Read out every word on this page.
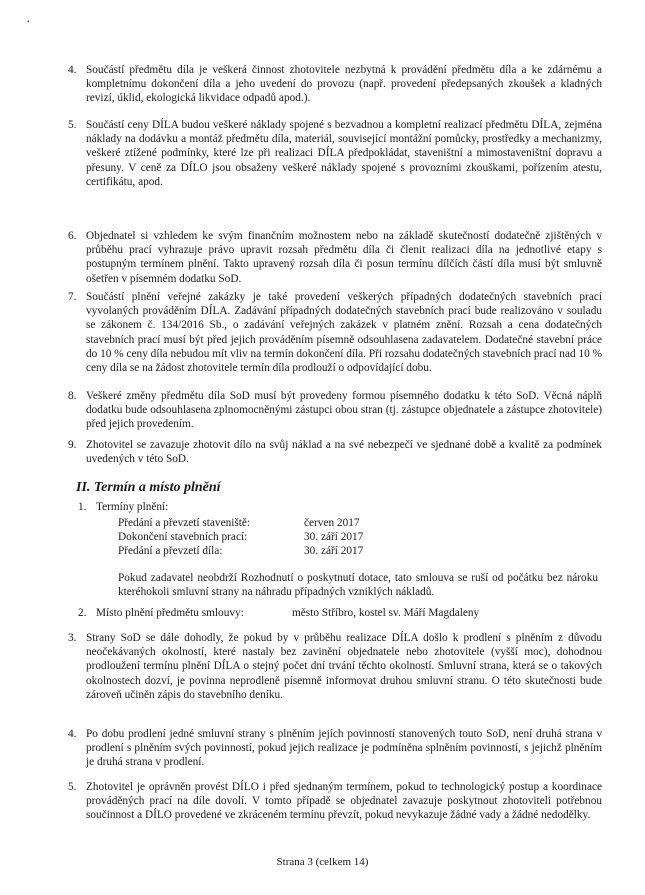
•
4. Součástí předmětu díla je veškerá činnost zhotovitele nezbytná k provádění předmětu díla a ke zdárnému a kompletnímu dokončení díla a jeho uvedení do provozu (např. provedení předepsaných zkoušek a kladných revizí, úklid, ekologická likvidace odpadů apod.).
5. Součástí ceny DÍLA budou veškeré náklady spojené s bezvadnou a kompletní realizací předmětu DÍLA, zejména náklady na dodávku a montáž předmětu díla, materiál, související montážní pomůcky, prostředky a mechanizmy, veškeré ztížené podmínky, které lze při realizaci DÍLA předpokládat, staveništní a mimostaveništní dopravu a přesuny. V ceně za DÍLO jsou obsaženy veškeré náklady spojené s provozními zkouškami, pořízením atestu, certifikátu, apod.
6. Objednatel si vzhledem ke svým finančním možnostem nebo na základě skutečností dodatečně zjištěných v průběhu prací vyhrazuje právo upravit rozsah předmětu díla či členit realizaci díla na jednotlivé etapy s postupným termínem plnění. Takto upravený rozsah díla či posun termínu dílčích částí díla musí být smluvně ošetřen v písemném dodatku SoD.
7. Součástí plnění veřejné zakázky je také provedení veškerých případných dodatečných stavebních prací vyvolaných prováděním DÍLA. Zadávání případných dodatečných stavebních prací bude realizováno v souladu se zákonem č. 134/2016 Sb., o zadávání veřejných zakázek v platném znění. Rozsah a cena dodatečných stavebních prací musí být před jejich prováděním písemně odsouhlasena zadavatelem. Dodatečné stavební práce do 10 % ceny díla nebudou mít vliv na termín dokončení díla. Při rozsahu dodatečných stavebních prací nad 10 % ceny díla se na žádost zhotovitele termín díla prodlouží o odpovídající dobu.
8. Veškeré změny předmětu díla SoD musí být provedeny formou písemného dodatku k této SoD. Věcná náplň dodatku bude odsouhlasena zplnomocněnými zástupci obou stran (tj. zástupce objednatele a zástupce zhotovitele) před jejich provedením.
9. Zhotovitel se zavazuje zhotovit dílo na svůj náklad a na své nebezpečí ve sjednané době a kvalitě za podmínek uvedených v této SoD.
II. Termín a místo plnění
1. Termíny plnění:
Předání a převzetí staveniště:	červen 2017
Dokončení stavebních prací:	30. září 2017
Předání a převzetí díla:	30. září 2017
Pokud zadavatel neobdrží Rozhodnutí o poskytnutí dotace, tato smlouva se ruší od počátku bez nároku kteréhokoli smluvní strany na náhradu případných vzniklých nákladů.
2. Místo plnění předmětu smlouvy:	město Stříbro, kostel sv. Máří Magdaleny
3. Strany SoD se dále dohodly, že pokud by v průběhu realizace DÍLA došlo k prodlení s plněním z důvodu neočekávaných okolností, které nastaly bez zavinění objednatele nebo zhotovitele (vyšší moc), dohodnou prodloužení termínu plnění DÍLA o stejný počet dní trvání těchto okolností. Smluvní strana, která se o takových okolnostech dozví, je povinna neprodleně písemně informovat druhou smluvní stranu. O této skutečnosti bude zároveň učiněn zápis do stavebního deníku.
4. Po dobu prodlení jedné smluvní strany s plněním jejích povinností stanovených touto SoD, není druhá strana v prodlení s plněním svých povinností, pokud jejich realizace je podmíněna splněním povinností, s jejichž plněním je druhá strana v prodlení.
5. Zhotovitel je oprávněn provést DÍLO i před sjednaným termínem, pokud to technologický postup a koordinace prováděných prací na díle dovolí. V tomto případě se objednatel zavazuje poskytnout zhotoviteli potřebnou součinnost a DÍLO provedené ve zkráceném termínu převzít, pokud nevykazuje žádné vady a žádné nedodělky.
Strana 3 (celkem 14)
